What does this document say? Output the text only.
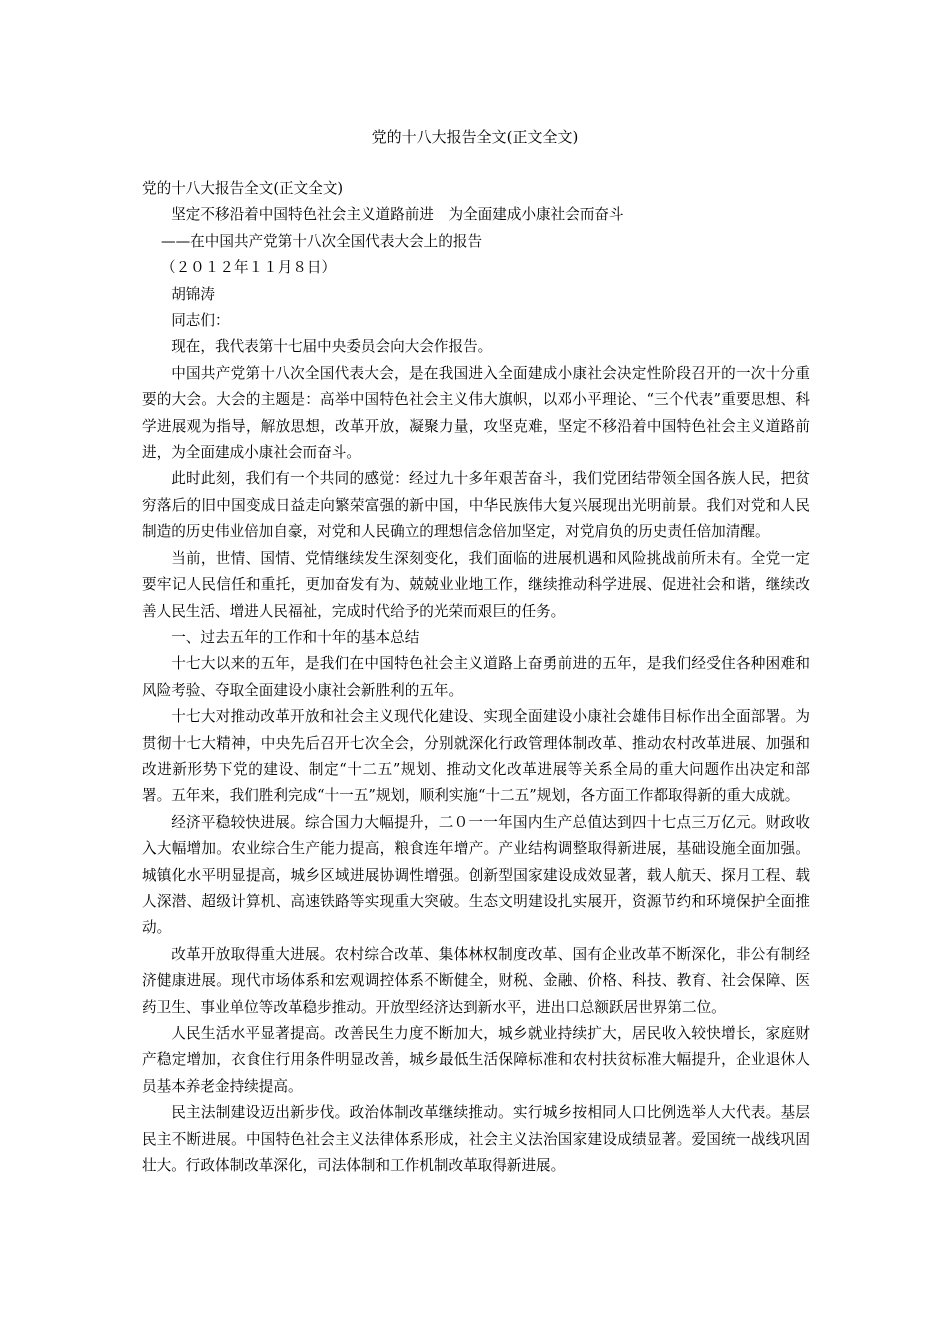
党的十八大报告全文(正文全文)

党的十八大报告全文(正文全文)

坚定不移沿着中国特色社会主义道路前进　为全面建成小康社会而奋斗

——在中国共产党第十八次全国代表大会上的报告

（２０１２年１１月８日）

胡锦涛

同志们：

现在，我代表第十七届中央委员会向大会作报告。

中国共产党第十八次全国代表大会，是在我国进入全面建成小康社会决定性阶段召开的一次十分重要的大会。大会的主题是：高举中国特色社会主义伟大旗帜，以邓小平理论、“三个代表”重要思想、科学进展观为指导，解放思想，改革开放，凝聚力量，攻坚克难，坚定不移沿着中国特色社会主义道路前进，为全面建成小康社会而奋斗。

此时此刻，我们有一个共同的感觉：经过九十多年艰苦奋斗，我们党团结带领全国各族人民，把贫穷落后的旧中国变成日益走向繁荣富强的新中国，中华民族伟大复兴展现出光明前景。我们对党和人民制造的历史伟业倍加自豪，对党和人民确立的理想信念倍加坚定，对党肩负的历史责任倍加清醒。

当前，世情、国情、党情继续发生深刻变化，我们面临的进展机遇和风险挑战前所未有。全党一定要牢记人民信任和重托，更加奋发有为、兢兢业业地工作，继续推动科学进展、促进社会和谐，继续改善人民生活、增进人民福祉，完成时代给予的光荣而艰巨的任务。

一、过去五年的工作和十年的基本总结

十七大以来的五年，是我们在中国特色社会主义道路上奋勇前进的五年，是我们经受住各种困难和风险考验、夺取全面建设小康社会新胜利的五年。

十七大对推动改革开放和社会主义现代化建设、实现全面建设小康社会雄伟目标作出全面部署。为贯彻十七大精神，中央先后召开七次全会，分别就深化行政管理体制改革、推动农村改革进展、加强和改进新形势下党的建设、制定“十二五”规划、推动文化改革进展等关系全局的重大问题作出决定和部署。五年来，我们胜利完成“十一五”规划，顺利实施“十二五”规划，各方面工作都取得新的重大成就。

经济平稳较快进展。综合国力大幅提升，二０一一年国内生产总值达到四十七点三万亿元。财政收入大幅增加。农业综合生产能力提高，粮食连年增产。产业结构调整取得新进展，基础设施全面加强。城镇化水平明显提高，城乡区域进展协调性增强。创新型国家建设成效显著，载人航天、探月工程、载人深潜、超级计算机、高速铁路等实现重大突破。生态文明建设扎实展开，资源节约和环境保护全面推动。

改革开放取得重大进展。农村综合改革、集体林权制度改革、国有企业改革不断深化，非公有制经济健康进展。现代市场体系和宏观调控体系不断健全，财税、金融、价格、科技、教育、社会保障、医药卫生、事业单位等改革稳步推动。开放型经济达到新水平，进出口总额跃居世界第二位。

人民生活水平显著提高。改善民生力度不断加大，城乡就业持续扩大，居民收入较快增长，家庭财产稳定增加，衣食住行用条件明显改善，城乡最低生活保障标准和农村扶贫标准大幅提升，企业退休人员基本养老金持续提高。

民主法制建设迈出新步伐。政治体制改革继续推动。实行城乡按相同人口比例选举人大代表。基层民主不断进展。中国特色社会主义法律体系形成，社会主义法治国家建设成绩显著。爱国统一战线巩固壮大。行政体制改革深化，司法体制和工作机制改革取得新进展。
